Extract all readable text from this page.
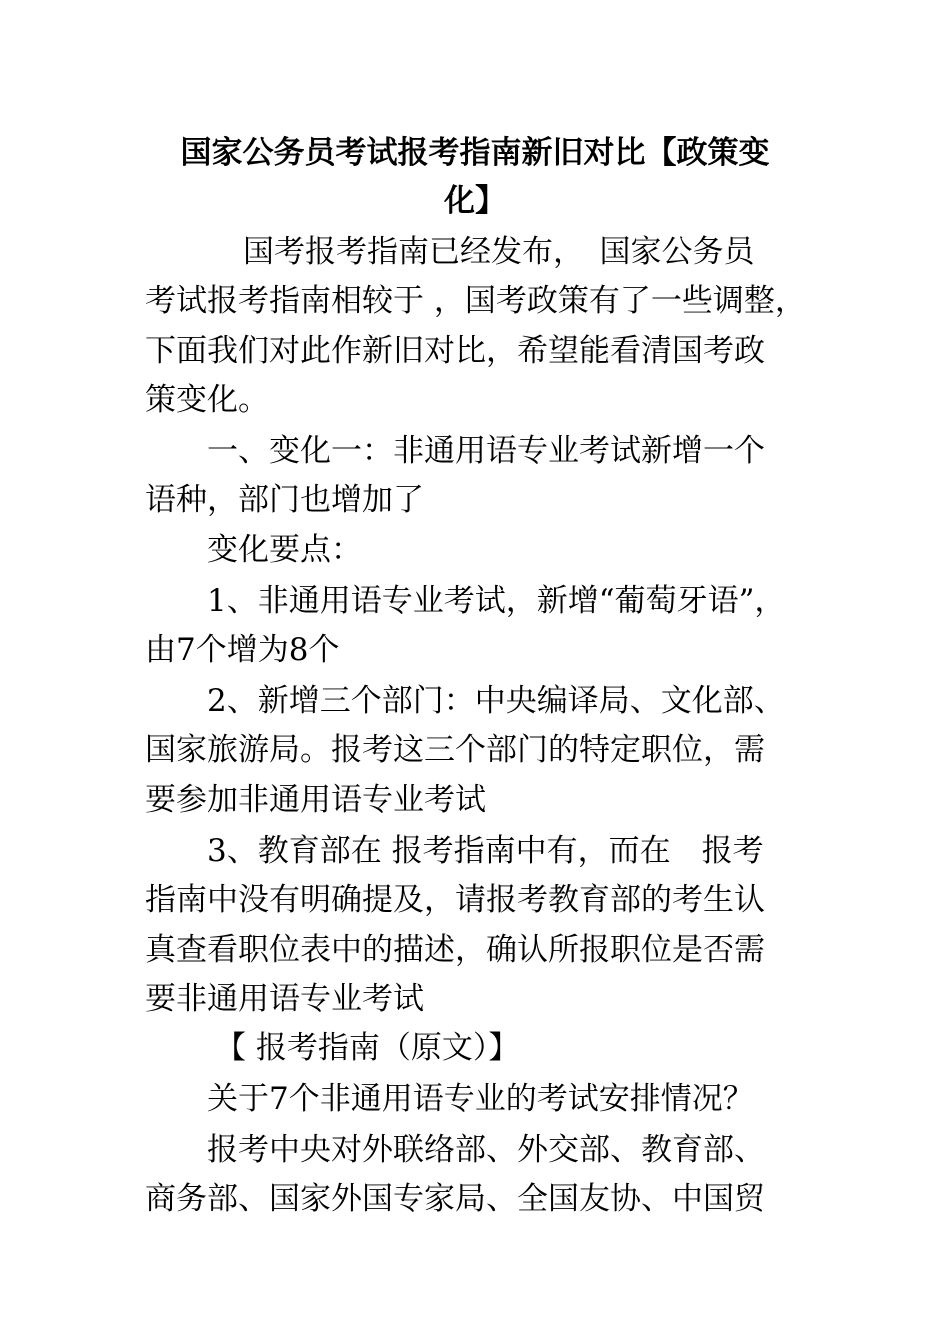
国家公务员考试报考指南新旧对比【政策变
化】
国考报考指南已经发布，　国家公务员
考试报考指南相较于 ，国考政策有了一些调整，
下面我们对此作新旧对比，希望能看清国考政
策变化。
一、变化一：非通用语专业考试新增一个
语种，部门也增加了
变化要点：
1、非通用语专业考试，新增“葡萄牙语”，
由7个增为8个
2、新增三个部门：中央编译局、文化部、
国家旅游局。报考这三个部门的特定职位，需
要参加非通用语专业考试
3、教育部在 报考指南中有，而在　报考
指南中没有明确提及，请报考教育部的考生认
真查看职位表中的描述，确认所报职位是否需
要非通用语专业考试
【 报考指南（原文）】
关于7个非通用语专业的考试安排情况？
报考中央对外联络部、外交部、教育部、
商务部、国家外国专家局、全国友协、中国贸
